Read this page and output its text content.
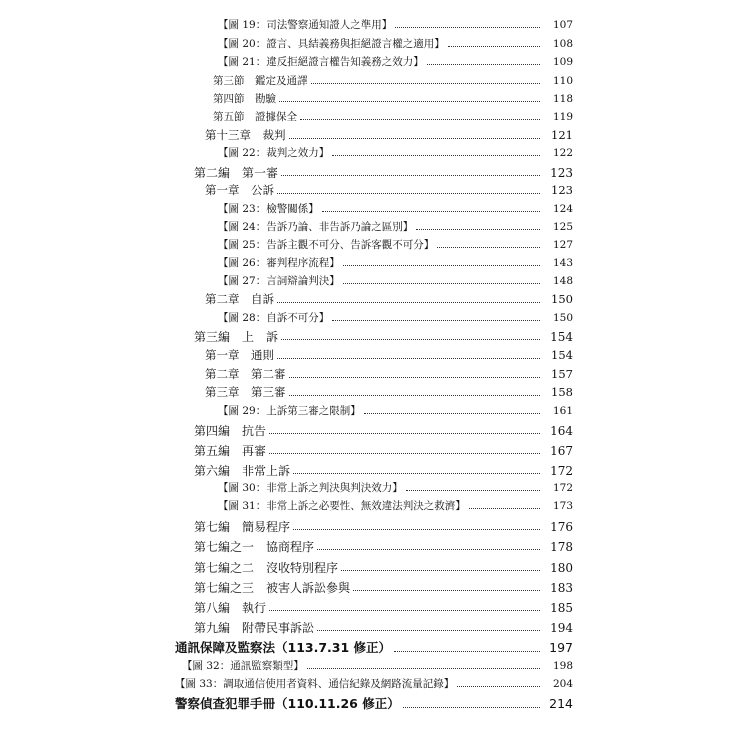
【圖 19：司法警察通知證人之準用】	107
【圖 20：證言、具結義務與拒絕證言權之適用】	108
【圖 21：違反拒絕證言權告知義務之效力】	109
第三節　鑑定及通譯	110
第四節　勘驗	118
第五節　證據保全	119
第十三章　裁判	121
【圖 22：裁判之效力】	122
第二編　第一審	123
第一章　公訴	123
【圖 23：檢警關係】	124
【圖 24：告訴乃論、非告訴乃論之區別】	125
【圖 25：告訴主觀不可分、告訴客觀不可分】	127
【圖 26：審判程序流程】	143
【圖 27：言詞辯論判決】	148
第二章　自訴	150
【圖 28：自訴不可分】	150
第三編　上　訴	154
第一章　通則	154
第二章　第二審	157
第三章　第三審	158
【圖 29：上訴第三審之限制】	161
第四編　抗告	164
第五編　再審	167
第六編　非常上訴	172
【圖 30：非常上訴之判決與判決效力】	172
【圖 31：非常上訴之必要性、無效違法判決之救濟】	173
第七編　簡易程序	176
第七編之一　協商程序	178
第七編之二　沒收特別程序	180
第七編之三　被害人訴訟參與	183
第八編　執行	185
第九編　附帶民事訴訟	194
通訊保障及監察法（113.7.31 修正）	197
【圖 32：通訊監察類型】	198
【圖 33：調取通信使用者資料、通信紀錄及網路流量記錄】	204
警察偵查犯罪手冊（110.11.26 修正）	214
